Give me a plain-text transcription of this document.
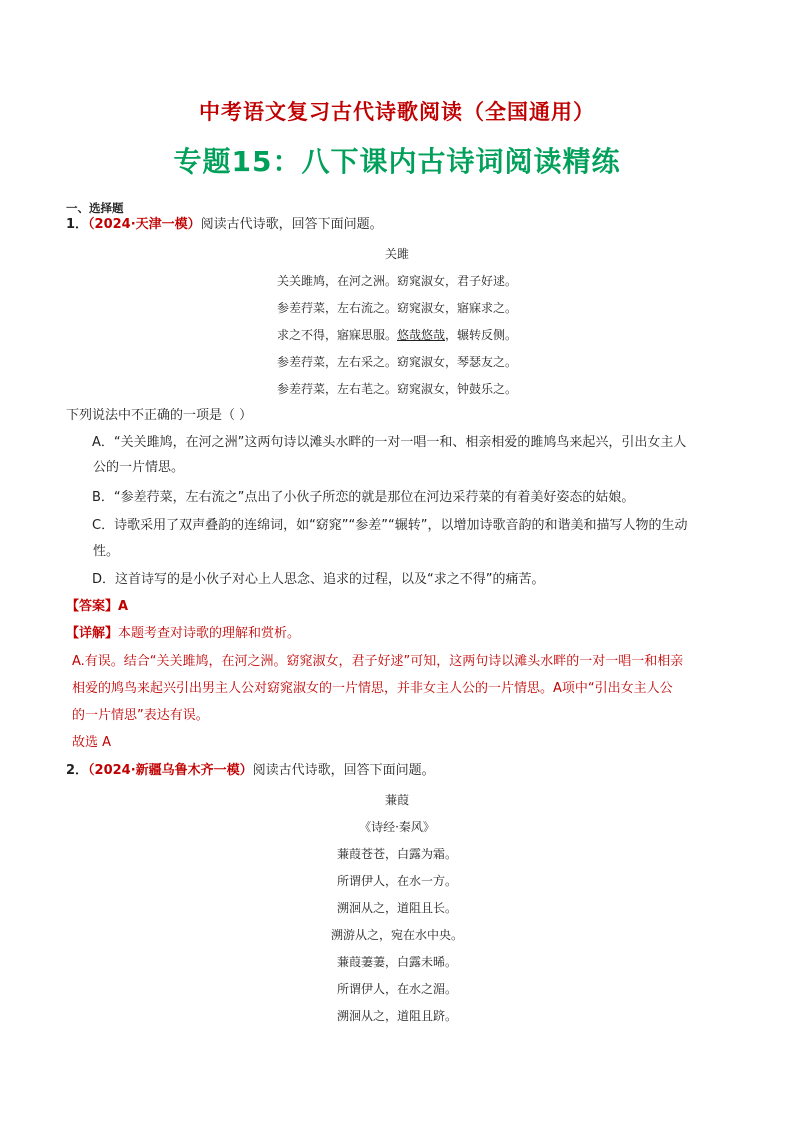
中考语文复习古代诗歌阅读（全国通用）
专题15：八下课内古诗词阅读精练
一、选择题
1．（2024·天津一模）阅读古代诗歌，回答下面问题。
关雎
关关雎鸠，在河之洲。窈窕淑女，君子好逑。
参差荇菜，左右流之。窈窕淑女，寤寐求之。
求之不得，寤寐思服。悠哉悠哉，辗转反侧。
参差荇菜，左右采之。窈窕淑女，琴瑟友之。
参差荇菜，左右芼之。窈窕淑女，钟鼓乐之。
下列说法中不正确的一项是（ ）
A．“关关雎鸠，在河之洲”这两句诗以滩头水畔的一对一唱一和、相亲相爱的雎鸠鸟来起兴，引出女主人
公的一片情思。
B．“参差荇菜，左右流之”点出了小伙子所恋的就是那位在河边采荇菜的有着美好姿态的姑娘。
C．诗歌采用了双声叠韵的连绵词，如“窈窕”“参差”“辗转”，以增加诗歌音韵的和谐美和描写人物的生动
性。
D．这首诗写的是小伙子对心上人思念、追求的过程，以及“求之不得”的痛苦。
【答案】A
【详解】本题考查对诗歌的理解和赏析。
A.有误。结合“关关雎鸠，在河之洲。窈窕淑女，君子好逑”可知，这两句诗以滩头水畔的一对一唱一和相亲
相爱的鸠鸟来起兴引出男主人公对窈窕淑女的一片情思，并非女主人公的一片情思。A项中“引出女主人公
的一片情思”表达有误。
故选 A
2．（2024·新疆乌鲁木齐一模）阅读古代诗歌，回答下面问题。
蒹葭
《诗经·秦风》
蒹葭苍苍，白露为霜。
所谓伊人，在水一方。
溯洄从之，道阻且长。
溯游从之，宛在水中央。
蒹葭萋萋，白露未晞。
所谓伊人，在水之湄。
溯洄从之，道阻且跻。
